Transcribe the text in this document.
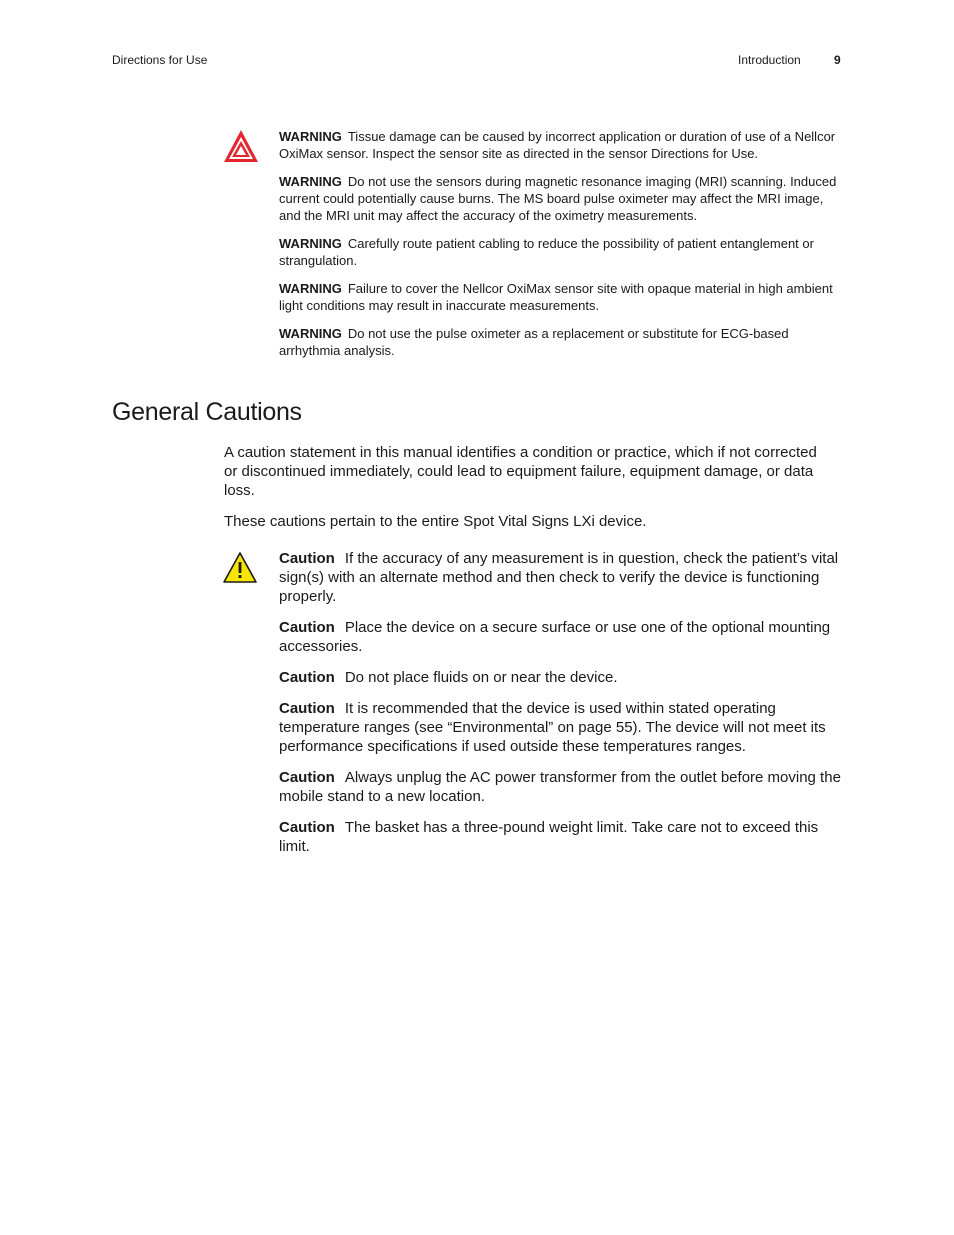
Directions for Use	Introduction	9

WARNING Tissue damage can be caused by incorrect application or duration of use of a Nellcor OxiMax sensor. Inspect the sensor site as directed in the sensor Directions for Use.

WARNING Do not use the sensors during magnetic resonance imaging (MRI) scanning. Induced current could potentially cause burns. The MS board pulse oximeter may affect the MRI image, and the MRI unit may affect the accuracy of the oximetry measurements.

WARNING Carefully route patient cabling to reduce the possibility of patient entanglement or strangulation.

WARNING Failure to cover the Nellcor OxiMax sensor site with opaque material in high ambient light conditions may result in inaccurate measurements.

WARNING Do not use the pulse oximeter as a replacement or substitute for ECG-based arrhythmia analysis.

General Cautions

A caution statement in this manual identifies a condition or practice, which if not corrected or discontinued immediately, could lead to equipment failure, equipment damage, or data loss.

These cautions pertain to the entire Spot Vital Signs LXi device.

Caution If the accuracy of any measurement is in question, check the patient’s vital sign(s) with an alternate method and then check to verify the device is functioning properly.

Caution Place the device on a secure surface or use one of the optional mounting accessories.

Caution Do not place fluids on or near the device.

Caution It is recommended that the device is used within stated operating temperature ranges (see “Environmental” on page 55). The device will not meet its performance specifications if used outside these temperatures ranges.

Caution Always unplug the AC power transformer from the outlet before moving the mobile stand to a new location.

Caution The basket has a three-pound weight limit. Take care not to exceed this limit.
